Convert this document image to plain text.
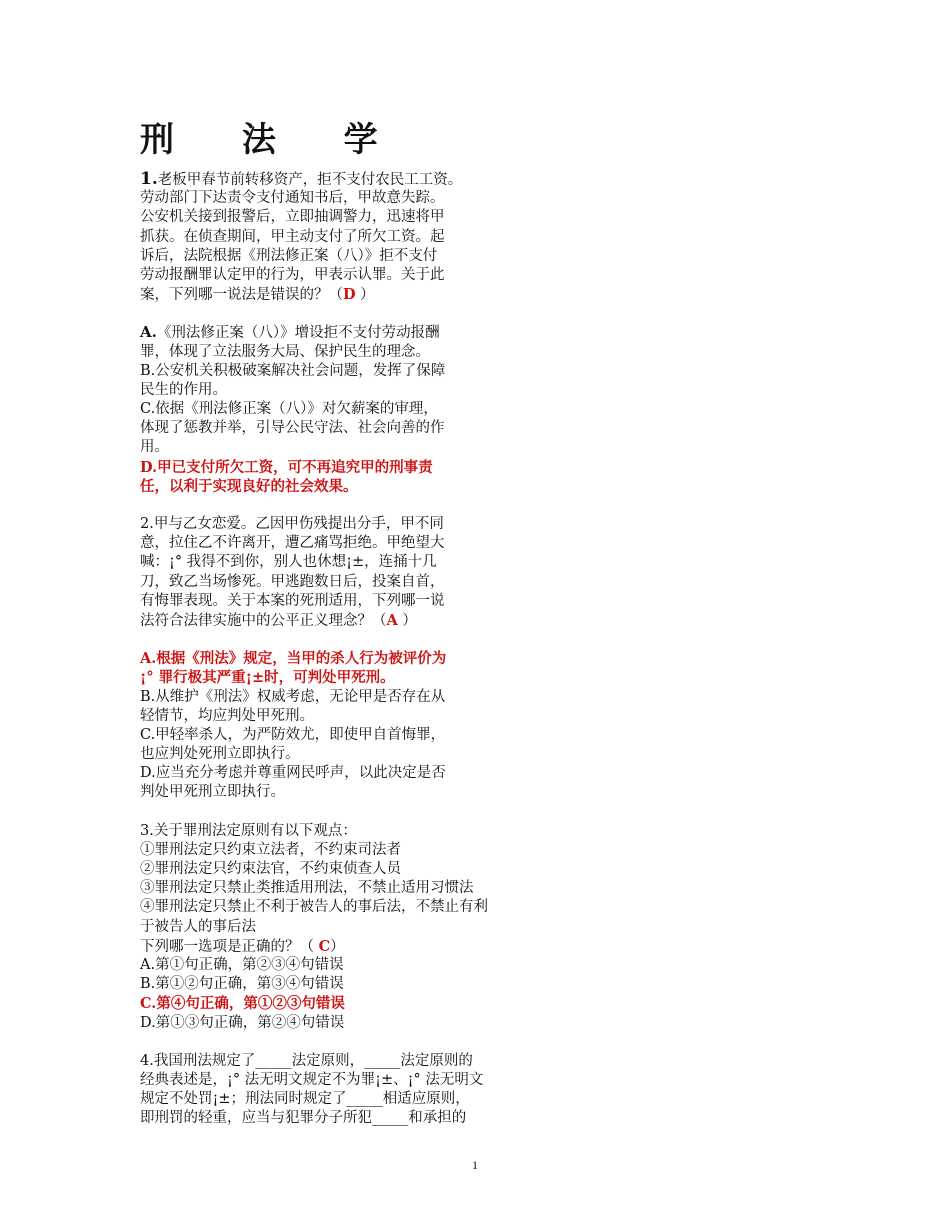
刑 法 学
1.老板甲春节前转移资产，拒不支付农民工工资。
劳动部门下达责令支付通知书后，甲故意失踪。
公安机关接到报警后，立即抽调警力，迅速将甲
抓获。在侦查期间，甲主动支付了所欠工资。起
诉后，法院根据《刑法修正案（八）》拒不支付
劳动报酬罪认定甲的行为，甲表示认罪。关于此
案，下列哪一说法是错误的？（D ）
A.《刑法修正案（八）》增设拒不支付劳动报酬
罪，体现了立法服务大局、保护民生的理念。
B.公安机关积极破案解决社会问题，发挥了保障
民生的作用。
C.依据《刑法修正案（八）》对欠薪案的审理，
体现了惩教并举，引导公民守法、社会向善的作
用。
D.甲已支付所欠工资，可不再追究甲的刑事责
任，以利于实现良好的社会效果。
2.甲与乙女恋爱。乙因甲伤残提出分手，甲不同
意，拉住乙不许离开，遭乙痛骂拒绝。甲绝望大
喊：¡° 我得不到你，别人也休想¡±，连捅十几
刀，致乙当场惨死。甲逃跑数日后，投案自首，
有悔罪表现。关于本案的死刑适用，下列哪一说
法符合法律实施中的公平正义理念？（A ）
A.根据《刑法》规定，当甲的杀人行为被评价为
¡° 罪行极其严重¡±时，可判处甲死刑。
B.从维护《刑法》权威考虑，无论甲是否存在从
轻情节，均应判处甲死刑。
C.甲轻率杀人，为严防效尤，即使甲自首悔罪，
也应判处死刑立即执行。
D.应当充分考虑并尊重网民呼声，以此决定是否
判处甲死刑立即执行。
3.关于罪刑法定原则有以下观点：
①罪刑法定只约束立法者，不约束司法者
②罪刑法定只约束法官，不约束侦查人员
③罪刑法定只禁止类推适用刑法，不禁止适用习惯法
④罪刑法定只禁止不利于被告人的事后法，不禁止有利
于被告人的事后法
下列哪一选项是正确的？（ C）
A.第①句正确，第②③④句错误
B.第①②句正确，第③④句错误
C.第④句正确，第①②③句错误
D.第①③句正确，第②④句错误
4.我国刑法规定了_____法定原则，_____法定原则的
经典表述是，¡° 法无明文规定不为罪¡±、¡° 法无明文
规定不处罚¡±；刑法同时规定了_____相适应原则，
即刑罚的轻重，应当与犯罪分子所犯_____和承担的
1
